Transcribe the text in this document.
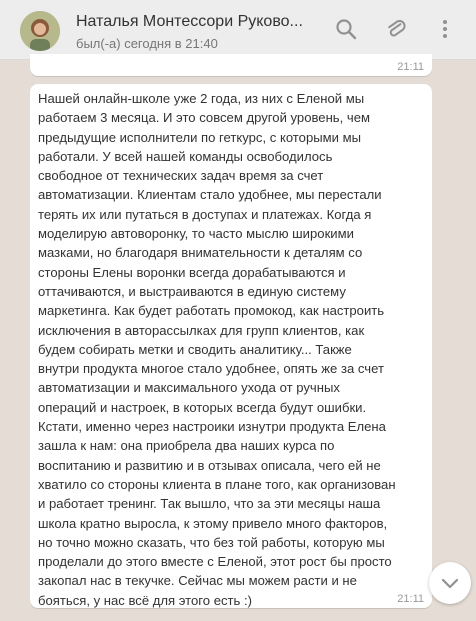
Наталья Монтессори Руково...
был(-а) сегодня в 21:40
21:11
Нашей онлайн-школе уже 2 года, из них с Еленой мы
работаем 3 месяца. И это совсем другой уровень, чем
предыдущие исполнители по геткурс, с которыми мы
работали. У всей нашей команды освободилось
свободное от технических задач время за счет
автоматизации. Клиентам стало удобнее, мы перестали
терять их или путаться в доступах и платежах. Когда я
моделирую автоворонку, то часто мыслю широкими
мазками, но благодаря внимательности к деталям со
стороны Елены воронки всегда дорабатываются и
оттачиваются, и выстраиваются в единую систему
маркетинга. Как будет работать промокод, как настроить
исключения в авторассылках для групп клиентов, как
будем собирать метки и сводить аналитику... Также
внутри продукта многое стало удобнее, опять же за счет
автоматизации и максимального ухода от ручных
операций и настроек, в которых всегда будут ошибки.
Кстати, именно через настроики изнутри продукта Елена
зашла к нам: она приобрела два наших курса по
воспитанию и развитию и в отзывах описала, чего ей не
хватило со стороны клиента в плане того, как организован
и работает тренинг. Так вышло, что за эти месяцы наша
школа кратно выросла, к этому привело много факторов,
но точно можно сказать, что без той работы, которую мы
проделали до этого вместе с Еленой, этот рост бы просто
закопал нас в текучке. Сейчас мы можем расти и не
бояться, у нас всё для этого есть :)	21:11
